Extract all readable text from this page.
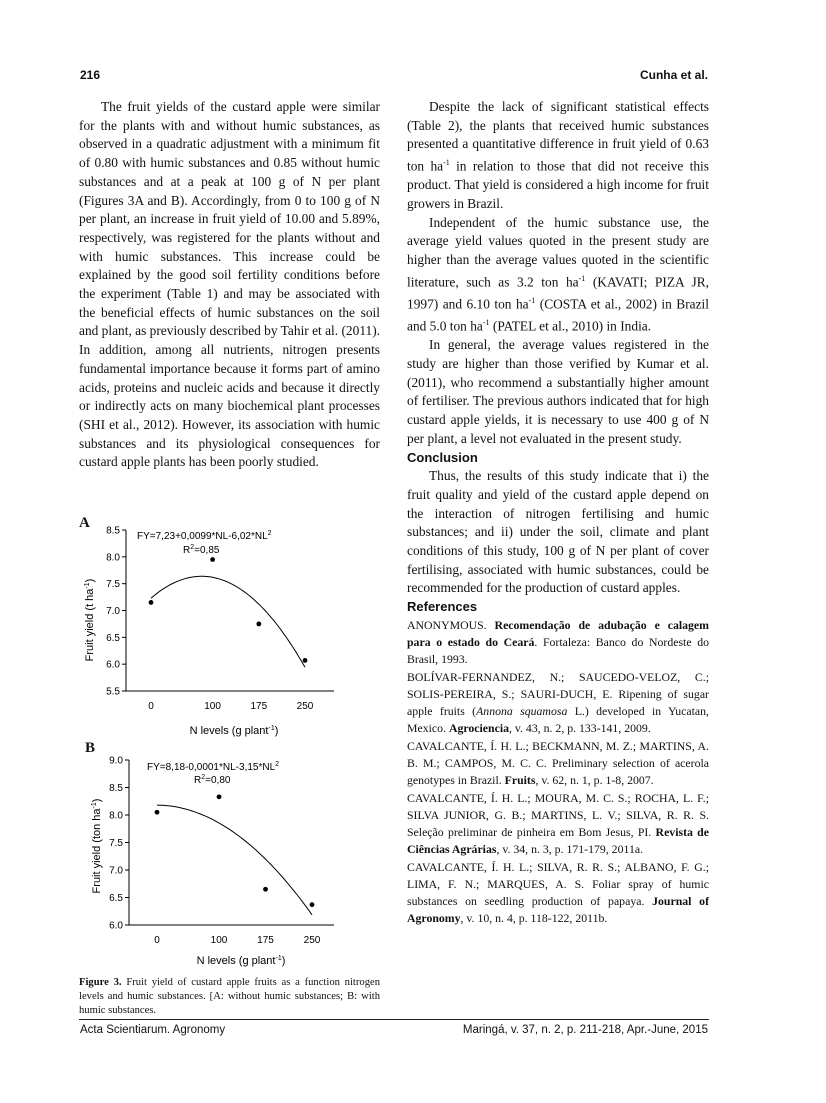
216	Cunha et al.

The fruit yields of the custard apple were similar for the plants with and without humic substances, as observed in a quadratic adjustment with a minimum fit of 0.80 with humic substances and 0.85 without humic substances and at a peak at 100 g of N per plant (Figures 3A and B). Accordingly, from 0 to 100 g of N per plant, an increase in fruit yield of 10.00 and 5.89%, respectively, was registered for the plants without and with humic substances. This increase could be explained by the good soil fertility conditions before the experiment (Table 1) and may be associated with the beneficial effects of humic substances on the soil and plant, as previously described by Tahir et al. (2011). In addition, among all nutrients, nitrogen presents fundamental importance because it forms part of amino acids, proteins and nucleic acids and because it directly or indirectly acts on many biochemical plant processes (SHI et al., 2012). However, its association with humic substances and its physiological consequences for custard apple plants has been poorly studied.

Despite the lack of significant statistical effects (Table 2), the plants that received humic substances presented a quantitative difference in fruit yield of 0.63 ton $ha^{-1}$ in relation to those that did not receive this product. That yield is considered a high income for fruit growers in Brazil.

Independent of the humic substance use, the average yield values quoted in the present study are higher than the average values quoted in the scientific literature, such as 3.2 ton $ha^{-1}$ (KAVATI; PIZA JR, 1997) and 6.10 ton $ha^{-1}$ (COSTA et al., 2002) in Brazil and 5.0 ton $ha^{-1}$ (PATEL et al., 2010) in India.

In general, the average values registered in the study are higher than those verified by Kumar et al. (2011), who recommend a substantially higher amount of fertiliser. The previous authors indicated that for high custard apple yields, it is necessary to use 400 g of N per plant, a level not evaluated in the present study.

Conclusion

Thus, the results of this study indicate that i) the fruit quality and yield of the custard apple depend on the interaction of nitrogen fertilising and humic substances; and ii) under the soil, climate and plant conditions of this study, 100 g of N per plant of cover fertilising, associated with humic substances, could be recommended for the production of custard apples.

References

ANONYMOUS. Recomendação de adubação e calagem para o estado do Ceará. Fortaleza: Banco do Nordeste do Brasil, 1993.

BOLÍVAR-FERNANDEZ, N.; SAUCEDO-VELOZ, C.; SOLIS-PEREIRA, S.; SAURI-DUCH, E. Ripening of sugar apple fruits (Annona squamosa L.) developed in Yucatan, Mexico. Agrociencia, v. 43, n. 2, p. 133-141, 2009.

CAVALCANTE, Í. H. L.; BECKMANN, M. Z.; MARTINS, A. B. M.; CAMPOS, M. C. C. Preliminary selection of acerola genotypes in Brazil. Fruits, v. 62, n. 1, p. 1-8, 2007.

CAVALCANTE, Í. H. L.; MOURA, M. C. S.; ROCHA, L. F.; SILVA JUNIOR, G. B.; MARTINS, L. V.; SILVA, R. R. S. Seleção preliminar de pinheira em Bom Jesus, PI. Revista de Ciências Agrárias, v. 34, n. 3, p. 171-179, 2011a.

CAVALCANTE, Í. H. L.; SILVA, R. R. S.; ALBANO, F. G.; LIMA, F. N.; MARQUES, A. S. Foliar spray of humic substances on seedling production of papaya. Journal of Agronomy, v. 10, n. 4, p. 118-122, 2011b.

A
Fruit yield (t $ha^{-1}$)
N levels (g plant$^{-1}$)
$FY=7,23+0,0099*NL-6,02*NL^2$
$R^2=0,85$
5.5
6.0
6.5
7.0
7.5
8.0
8.5
0	100	175	250
B
Fruit yield (ton $ha^{-1}$)
N levels (g plant$^{-1}$)
$FY=8,18-0,0001*NL-3,15*NL^2$
$R^2=0,80$
6.0
6.5
7.0
7.5
8.0
8.5
9.0
0	100	175	250
Figure 3. Fruit yield of custard apple fruits as a function nitrogen levels and humic substances. [A: without humic substances; B: with humic substances.
Acta Scientiarum. Agronomy	Maringá, v. 37, n. 2, p. 211-218, Apr.-June, 2015
